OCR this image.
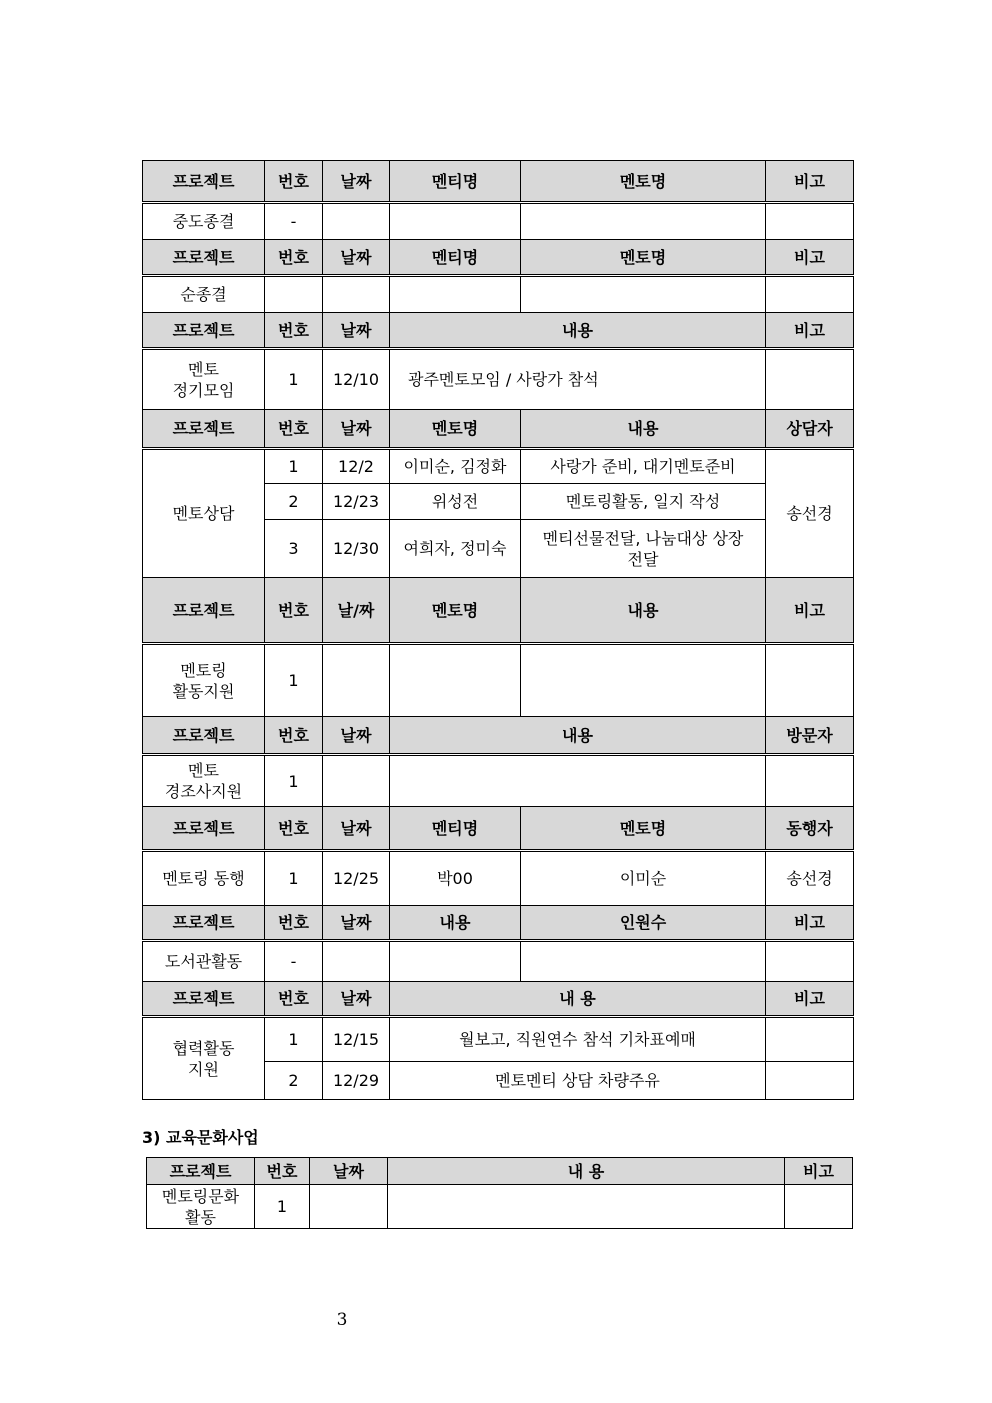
프로젝트	번호	날짜	멘티명	멘토명	비고
중도종결	-				
프로젝트	번호	날짜	멘티명	멘토명	비고
순종결					
프로젝트	번호	날짜	내용		비고
멘토
정기모임	1	12/10	광주멘토모임 / 사랑가 참석		
프로젝트	번호	날짜	멘토명	내용	상담자
멘토상담	1	12/2	이미순, 김정화	사랑가 준비, 대기멘토준비	송선경
	2	12/23	위성전	멘토링활동, 일지 작성	
	3	12/30	여희자, 정미숙	멘티선물전달, 나눔대상 상장
전달	
프로젝트	번호	날/짜	멘토명	내용	비고
멘토링
활동지원	1				
프로젝트	번호	날짜	내용		방문자
멘토
경조사지원	1				
프로젝트	번호	날짜	멘티명	멘토명	동행자
멘토링 동행	1	12/25	박00	이미순	송선경
프로젝트	번호	날짜	내용	인원수	비고
도서관활동	-				
프로젝트	번호	날짜	내 용		비고
협력활동
지원	1	12/15	월보고, 직원연수 참석 기차표예매		
	2	12/29	멘토멘티 상담 차량주유		
3) 교육문화사업
프로젝트	번호	날짜	내 용	비고
멘토링문화
활동	1			
3
